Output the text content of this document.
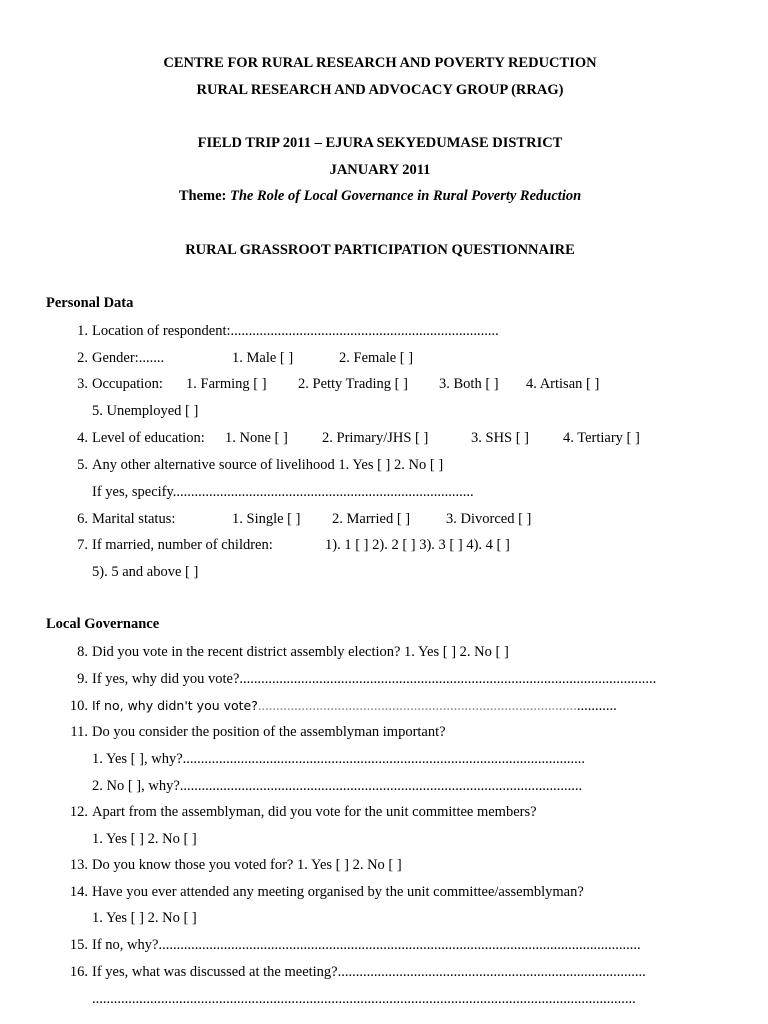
CENTRE FOR RURAL RESEARCH AND POVERTY REDUCTION
RURAL RESEARCH AND ADVOCACY GROUP (RRAG)
FIELD TRIP 2011 – EJURA SEKYEDUMASE DISTRICT
JANUARY 2011
Theme: The Role of Local Governance in Rural Poverty Reduction
RURAL GRASSROOT PARTICIPATION QUESTIONNAIRE
Personal Data
1. Location of respondent:..........................................................................
2. Gender:.......	1. Male [ ]	2. Female [ ]
3. Occupation: 1. Farming [ ] 2. Petty Trading [ ] 3. Both [ ] 4. Artisan [ ]
5. Unemployed [ ]
4. Level of education: 1. None [ ] 2. Primary/JHS [ ]	3. SHS [ ] 4. Tertiary [ ]
5. Any other alternative source of livelihood 1. Yes [ ] 2. No [ ]
If yes, specify...................................................................................
6. Marital status:	1. Single [ ] 2. Married [ ] 3. Divorced [ ]
7. If married, number of children:	1). 1 [ ] 2). 2 [ ] 3). 3 [ ] 4). 4 [ ]
5). 5 and above [ ]
Local Governance
8. Did you vote in the recent district assembly election? 1. Yes [ ] 2. No [ ]
9. If yes, why did you vote?...................................................................................................................
10. If no, why didn't you vote?...................................................................................................
11. Do you consider the position of the assemblyman important?
1. Yes [ ], why?...............................................................................................................
2. No [ ], why?...............................................................................................................
12. Apart from the assemblyman, did you vote for the unit committee members?
1. Yes [ ] 2. No [ ]
13. Do you know those you voted for? 1. Yes [ ] 2. No [ ]
14. Have you ever attended any meeting organised by the unit committee/assemblyman?
1. Yes [ ] 2. No [ ]
15. If no, why?.....................................................................................................................................
16. If yes, what was discussed at the meeting?.....................................................................................
......................................................................................................................................................
